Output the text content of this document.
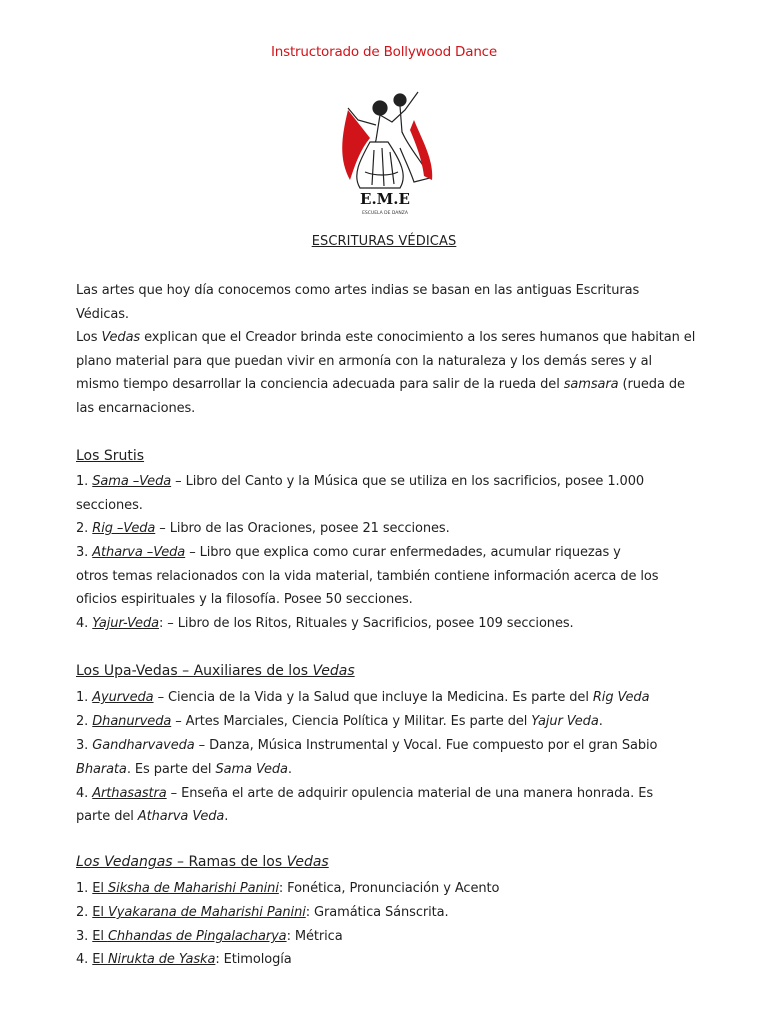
Instructorado de Bollywood Dance
E.M.E
ESCUELA DE DANZA
ESCRITURAS VÉDICAS
Las artes que hoy día conocemos como artes indias se basan en las antiguas Escrituras Védicas.
Los Vedas explican que el Creador brinda este conocimiento a los seres humanos que habitan el plano material para que puedan vivir en armonía con la naturaleza y los demás seres y al mismo tiempo desarrollar la conciencia adecuada para salir de la rueda del samsara (rueda de las encarnaciones.
Los Srutis
1. Sama –Veda – Libro del Canto y la Música que se utiliza en los sacrificios, posee 1.000
secciones.
2. Rig –Veda – Libro de las Oraciones, posee 21 secciones.
3. Atharva –Veda – Libro que explica como curar enfermedades, acumular riquezas y
otros temas relacionados con la vida material, también contiene información acerca de los
oficios espirituales y la filosofía. Posee 50 secciones.
4. Yajur-Veda: – Libro de los Ritos, Rituales y Sacrificios, posee 109 secciones.
Los Upa-Vedas – Auxiliares de los Vedas
1. Ayurveda – Ciencia de la Vida y la Salud que incluye la Medicina. Es parte del Rig Veda
2. Dhanurveda – Artes Marciales, Ciencia Política y Militar. Es parte del Yajur Veda.
3. Gandharvaveda – Danza, Música Instrumental y Vocal. Fue compuesto por el gran Sabio
Bharata. Es parte del Sama Veda.
4. Arthasastra – Enseña el arte de adquirir opulencia material de una manera honrada. Es
parte del Atharva Veda.
Los Vedangas – Ramas de los Vedas
1. El Siksha de Maharishi Panini: Fonética, Pronunciación y Acento
2. El Vyakarana de Maharishi Panini: Gramática Sánscrita.
3. El Chhandas de Pingalacharya: Métrica
4. El Nirukta de Yaska: Etimología
